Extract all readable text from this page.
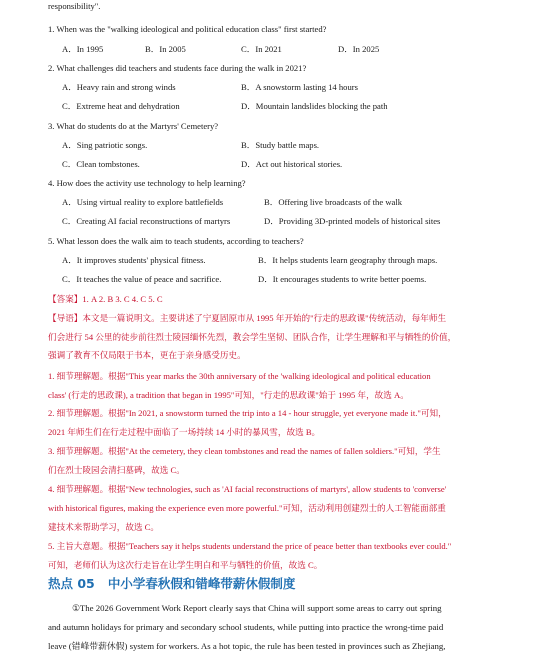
responsibility".
1. When was the "walking ideological and political education class" first started?
A．In 1995	B．In 2005	C．In 2021	D．In 2025
2. What challenges did teachers and students face during the walk in 2021?
A．Heavy rain and strong winds	B．A snowstorm lasting 14 hours
C．Extreme heat and dehydration	D．Mountain landslides blocking the path
3. What do students do at the Martyrs' Cemetery?
A．Sing patriotic songs.	B．Study battle maps.
C．Clean tombstones.	D．Act out historical stories.
4. How does the activity use technology to help learning?
A．Using virtual reality to explore battlefields	B．Offering live broadcasts of the walk
C．Creating AI facial reconstructions of martyrs	D．Providing 3D-printed models of historical sites
5. What lesson does the walk aim to teach students, according to teachers?
A．It improves students' physical fitness.	B．It helps students learn geography through maps.
C．It teaches the value of peace and sacrifice.	D．It encourages students to write better poems.
【答案】1. A 2. B 3. C 4. C 5. C
【导语】本文是一篇说明文。主要讲述了宁夏固原市从 1995 年开始的"行走的思政课"传统活动，每年师生
们会进行 54 公里的徒步前往烈士陵园缅怀先烈，教会学生坚韧、团队合作，让学生理解和平与牺牲的价值，
强调了教育不仅局限于书本，更在于亲身感受历史。
1. 细节理解题。根据"This year marks the 30th anniversary of the 'walking ideological and political education
class' (行走的思政课), a tradition that began in 1995"可知，"行走的思政课"始于 1995 年，故选 A。
2. 细节理解题。根据"In 2021, a snowstorm turned the trip into a 14 - hour struggle, yet everyone made it."可知，
2021 年师生们在行走过程中面临了一场持续 14 小时的暴风雪，故选 B。
3. 细节理解题。根据"At the cemetery, they clean tombstones and read the names of fallen soldiers."可知，学生
们在烈士陵园会清扫墓碑，故选 C。
4. 细节理解题。根据"New technologies, such as 'AI facial reconstructions of martyrs', allow students to 'converse'
with historical figures, making the experience even more powerful."可知，活动利用创建烈士的人工智能面部重
建技术来帮助学习，故选 C。
5. 主旨大意题。根据"Teachers say it helps students understand the price of peace better than textbooks ever could."
可知，老师们认为这次行走旨在让学生明白和平与牺牲的价值，故选 C。
热点 05 中小学春秋假和错峰带薪休假制度
①The 2026 Government Work Report clearly says that China will support some areas to carry out spring
and autumn holidays for primary and secondary school students, while putting into practice the wrong-time paid
leave (错峰带薪休假) system for workers. As a hot topic, the rule has been tested in provinces such as Zhejiang,
